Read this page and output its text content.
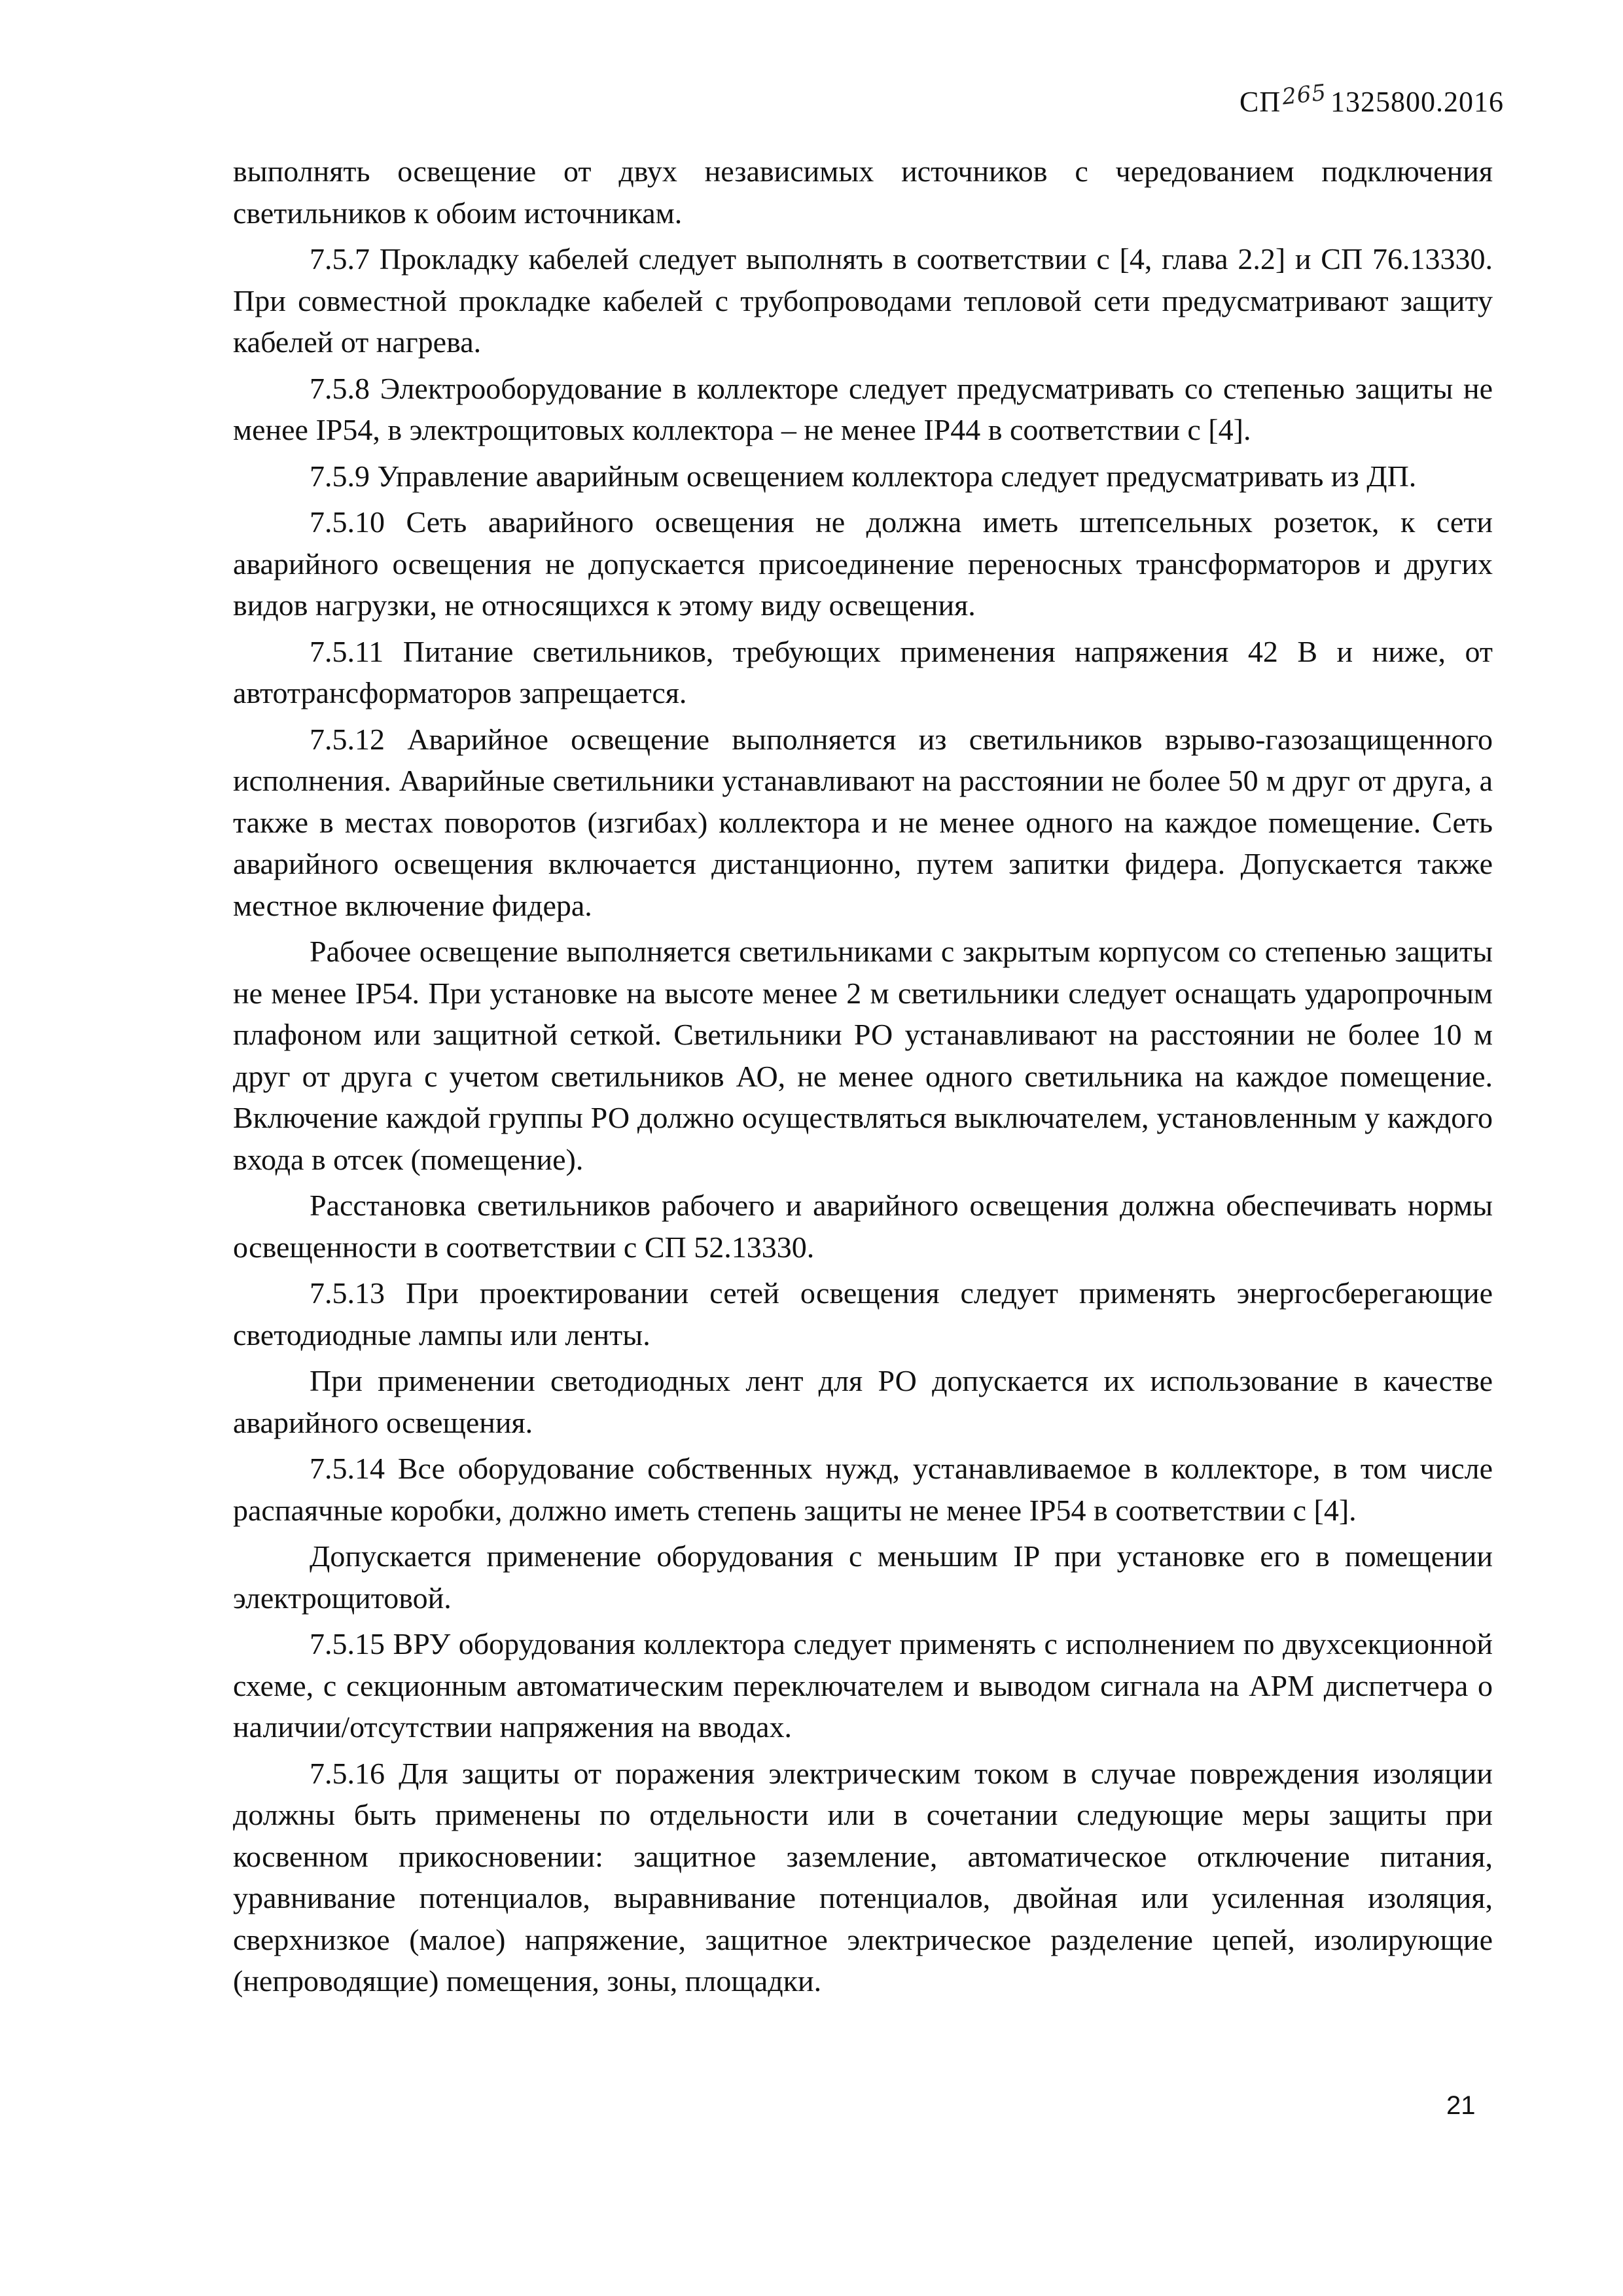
СП 265 1325800.2016

выполнять освещение от двух независимых источников с чередованием подключения светильников к обоим источникам.

7.5.7 Прокладку кабелей следует выполнять в соответствии с [4, глава 2.2] и СП 76.13330. При совместной прокладке кабелей с трубопроводами тепловой сети предусматривают защиту кабелей от нагрева.

7.5.8 Электрооборудование в коллекторе следует предусматривать со степенью защиты не менее IP54, в электрощитовых коллектора – не менее IP44 в соответствии с [4].

7.5.9 Управление аварийным освещением коллектора следует предусматривать из ДП.

7.5.10 Сеть аварийного освещения не должна иметь штепсельных розеток, к сети аварийного освещения не допускается присоединение переносных трансформаторов и других видов нагрузки, не относящихся к этому виду освещения.

7.5.11 Питание светильников, требующих применения напряжения 42 В и ниже, от автотрансформаторов запрещается.

7.5.12 Аварийное освещение выполняется из светильников взрыво-газозащищенного исполнения. Аварийные светильники устанавливают на расстоянии не более 50 м друг от друга, а также в местах поворотов (изгибах) коллектора и не менее одного на каждое помещение. Сеть аварийного освещения включается дистанционно, путем запитки фидера. Допускается также местное включение фидера.

Рабочее освещение выполняется светильниками с закрытым корпусом со степенью защиты не менее IP54. При установке на высоте менее 2 м светильники следует оснащать ударопрочным плафоном или защитной сеткой. Светильники РО устанавливают на расстоянии не более 10 м друг от друга с учетом светильников АО, не менее одного светильника на каждое помещение. Включение каждой группы РО должно осуществляться выключателем, установленным у каждого входа в отсек (помещение).

Расстановка светильников рабочего и аварийного освещения должна обеспечивать нормы освещенности в соответствии с СП 52.13330.

7.5.13 При проектировании сетей освещения следует применять энергосберегающие светодиодные лампы или ленты.

При применении светодиодных лент для РО допускается их использование в качестве аварийного освещения.

7.5.14 Все оборудование собственных нужд, устанавливаемое в коллекторе, в том числе распаячные коробки, должно иметь степень защиты не менее IP54 в соответствии с [4].

Допускается применение оборудования с меньшим IP при установке его в помещении электрощитовой.

7.5.15 ВРУ оборудования коллектора следует применять с исполнением по двухсекционной схеме, с секционным автоматическим переключателем и выводом сигнала на АРМ диспетчера о наличии/отсутствии напряжения на вводах.

7.5.16 Для защиты от поражения электрическим током в случае повреждения изоляции должны быть применены по отдельности или в сочетании следующие меры защиты при косвенном прикосновении: защитное заземление, автоматическое отключение питания, уравнивание потенциалов, выравнивание потенциалов, двойная или усиленная изоляция, сверхнизкое (малое) напряжение, защитное электрическое разделение цепей, изолирующие (непроводящие) помещения, зоны, площадки.

21
